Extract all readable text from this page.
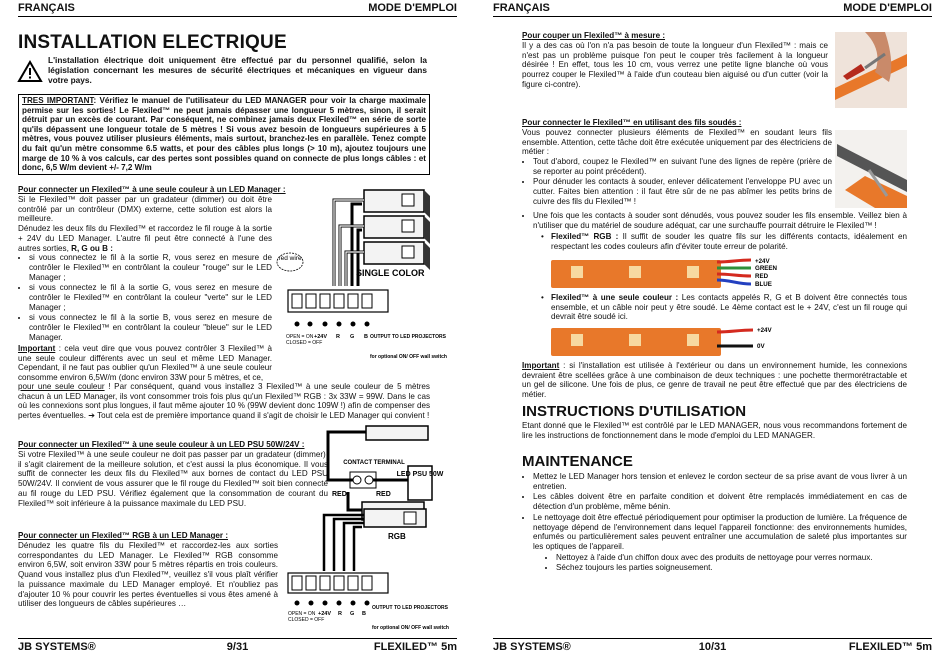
FRANÇAIS	MODE D'EMPLOI
INSTALLATION ELECTRIQUE
L'installation électrique doit uniquement être effectué par du personnel qualifié, selon la législation concernant les mesures de sécurité électriques et mécaniques en vigueur dans votre pays.
TRES IMPORTANT: Vérifiez le manuel de l'utilisateur du LED MANAGER pour voir la charge maximale permise sur les sorties! Le Flexiled™ ne peut jamais dépasser une longueur 5 mètres, sinon, il serait détruit par un excès de courant. Par conséquent, ne combinez jamais deux Flexiled™ en série de sorte qu'ils dépassent une longueur totale de 5 mètres ! Si vous avez besoin de longueurs supérieures à 5 mètres, vous pouvez utiliser plusieurs éléments, mais surtout, branchez-les en parallèle. Tenez compte du fait qu'un mètre consomme 6.5 watts, et pour des câbles plus longs (> 10 m), ajoutez toujours une marge de 10 % à vos calculs, car des pertes sont possibles quand on connecte de plus longs câbles : et donc, 6,5 W/m devient +/- 7,2 W/m
Pour connecter un Flexiled™ à une seule couleur à un LED Manager :
Si le Flexiled™ doit passer par un gradateur (dimmer) ou doit être contrôlé par un contrôleur (DMX) externe, cette solution est alors la meilleure.
Dénudez les deux fils du Flexiled™ et raccordez le fil rouge à la sortie + 24V du LED Manager. L'autre fil peut être connecté à l'une des autres sorties, R, G ou B :
• si vous connectez le fil à la sortie R, vous serez en mesure de contrôler le Flexiled™ en contrôlant la couleur "rouge" sur le LED Manager ;
• si vous connectez le fil à la sortie G, vous serez en mesure de contrôler le Flexiled™ en contrôlant la couleur "verte" sur le LED Manager ;
• si vous connectez le fil à la sortie B, vous serez en mesure de contrôler le Flexiled™ en contrôlant la couleur "bleue" sur le LED Manager.
Important : cela veut dire que vous pouvez contrôler 3 Flexiled™ à une seule couleur différents avec un seul et même LED Manager. Cependant, il ne faut pas oublier qu'un Flexiled™ à une seule couleur consomme environ 6,5W/m (donc environ 33W pour 5 mètres, et ce,
pour une seule couleur ! Par conséquent, quand vous installez 3 Flexiled™ à une seule couleur de 5 mètres chacun à un LED Manager, ils vont consommer trois fois plus qu'un Flexiled™ RGB : 3x 33W = 99W. Dans le cas où les connexions sont plus longues, il faut même ajouter 10 % (99W devient donc 109W !) afin de compenser des pertes éventuelles. ➔ Tout cela est de première importance quand il s'agit de choisir le LED Manager qui convient !
red wire
SINGLE COLOR
OPEN = ON
CLOSED = OFF
+24V R G B OUTPUT TO LED PROJECTORS
for optional ON/ OFF wall switch
Pour connecter un Flexiled™ à une seule couleur à un LED PSU 50W/24V :
Si votre Flexiled™ à une seule couleur ne doit pas passer par un gradateur (dimmer), il s'agit clairement de la meilleure solution, et c'est aussi la plus économique. Il vous suffit de connecter les deux fils du Flexiled™ aux bornes de contact du LED PSU 50W/24V. Il convient de vous assurer que le fil rouge du Flexiled™ soit bien connecté au fil rouge du LED PSU. Vérifiez également que la consommation de courant du Flexiled™ soit inférieure à la puissance maximale du LED PSU.
CONTACT TERMINAL
LED PSU 50W
RED	RED
Pour connecter un Flexiled™ RGB à un LED Manager :
Dénudez les quatre fils du Flexiled™ et raccordez-les aux sorties correspondantes du LED Manager. Le Flexiled™ RGB consomme environ 6,5W, soit environ 33W pour 5 mètres répartis en trois couleurs. Quand vous installez plus d'un Flexiled™, veuillez s'il vous plaît vérifier la puissance maximale du LED Manager employé. Et n'oubliez pas d'ajouter 10 % pour couvrir les pertes éventuelles si vous êtes amené à utiliser des longueurs de câbles supérieures …
RGB
OPEN = ON
CLOSED = OFF
+24V R G B
OUTPUT TO LED PROJECTORS
for optional ON/ OFF wall switch
JB SYSTEMS®	9/31	FLEXILED™ 5m
FRANÇAIS	MODE D'EMPLOI
Pour couper un Flexiled™ à mesure :
Il y a des cas où l'on n'a pas besoin de toute la longueur d'un Flexiled™ : mais ce n'est pas un problème puisque l'on peut le couper très facilement à la longueur désirée ! En effet, tous les 10 cm, vous verrez une petite ligne blanche où vous pourrez couper le Flexiled™ à l'aide d'un couteau bien aiguisé ou d'un cutter (voir la figure ci-contre).
Pour connecter le Flexiled™ en utilisant des fils soudés :
Vous pouvez connecter plusieurs éléments de Flexiled™ en soudant leurs fils ensemble. Attention, cette tâche doit être exécutée uniquement par des électriciens de métier :
• Tout d'abord, coupez le Flexiled™ en suivant l'une des lignes de repère (prière de se reporter au point précédent).
• Pour dénuder les contacts à souder, enlever délicatement l'enveloppe PU avec un cutter. Faites bien attention : il faut être sûr de ne pas abîmer les petits brins de cuivre des fils du Flexiled™ !
• Une fois que les contacts à souder sont dénudés, vous pouvez souder les fils ensemble. Veillez bien à n'utiliser que du matériel de soudure adéquat, car une surchauffe pourrait détruire le Flexiled™ !
• Flexiled™ RGB : Il suffit de souder les quatre fils sur les différents contacts, idéalement en respectant les codes couleurs afin d'éviter toute erreur de polarité.
+24V
GREEN
RED
BLUE
• Flexiled™ à une seule couleur : Les contacts appelés R, G et B doivent être connectés tous ensemble, et un câble noir peut y être soudé. Le 4ème contact est le + 24V, c'est un fil rouge qui devrait être soudé ici.
+24V
0V
Important : si l'installation est utilisée à l'extérieur ou dans un environnement humide, les connexions devraient être scellées grâce à une combinaison de deux techniques : une pochette thermorétractable et un gel de silicone. Une fois de plus, ce genre de travail ne peut être effectué que par des électriciens de métier.
INSTRUCTIONS D'UTILISATION
Etant donné que le Flexiled™ est contrôlé par le LED MANAGER, nous vous recommandons fortement de lire les instructions de fonctionnement dans le mode d'emploi du LED MANAGER.
MAINTENANCE
• Mettez le LED Manager hors tension et enlevez le cordon secteur de sa prise avant de vous livrer à un entretien.
• Les câbles doivent être en parfaite condition et doivent être remplacés immédiatement en cas de détection d'un problème, même bénin.
• Le nettoyage doit être effectué périodiquement pour optimiser la production de lumière. La fréquence de nettoyage dépend de l'environnement dans lequel l'appareil fonctionne: des environnements humides, enfumés ou particulièrement sales peuvent entraîner une accumulation de saleté plus importantes sur les optiques de l'appareil.
• Nettoyez à l'aide d'un chiffon doux avec des produits de nettoyage pour verres normaux.
• Séchez toujours les parties soigneusement.
JB SYSTEMS®	10/31	FLEXILED™ 5m
